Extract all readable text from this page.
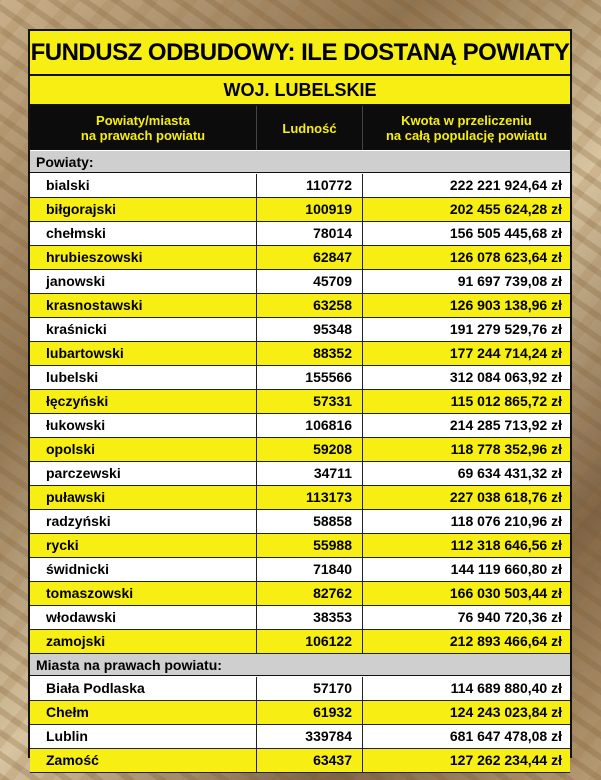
FUNDUSZ ODBUDOWY: ILE DOSTANĄ POWIATY
WOJ. LUBELSKIE
Powiaty/miasta
na prawach powiatu	Ludność	Kwota w przeliczeniu
na całą populację powiatu
Powiaty:
bialski	110772	222 221 924,64 zł
biłgorajski	100919	202 455 624,28 zł
chełmski	78014	156 505 445,68 zł
hrubieszowski	62847	126 078 623,64 zł
janowski	45709	91 697 739,08 zł
krasnostawski	63258	126 903 138,96 zł
kraśnicki	95348	191 279 529,76 zł
lubartowski	88352	177 244 714,24 zł
lubelski	155566	312 084 063,92 zł
łęczyński	57331	115 012 865,72 zł
łukowski	106816	214 285 713,92 zł
opolski	59208	118 778 352,96 zł
parczewski	34711	69 634 431,32 zł
puławski	113173	227 038 618,76 zł
radzyński	58858	118 076 210,96 zł
rycki	55988	112 318 646,56 zł
świdnicki	71840	144 119 660,80 zł
tomaszowski	82762	166 030 503,44 zł
włodawski	38353	76 940 720,36 zł
zamojski	106122	212 893 466,64 zł
Miasta na prawach powiatu:
Biała Podlaska	57170	114 689 880,40 zł
Chełm	61932	124 243 023,84 zł
Lublin	339784	681 647 478,08 zł
Zamość	63437	127 262 234,44 zł
